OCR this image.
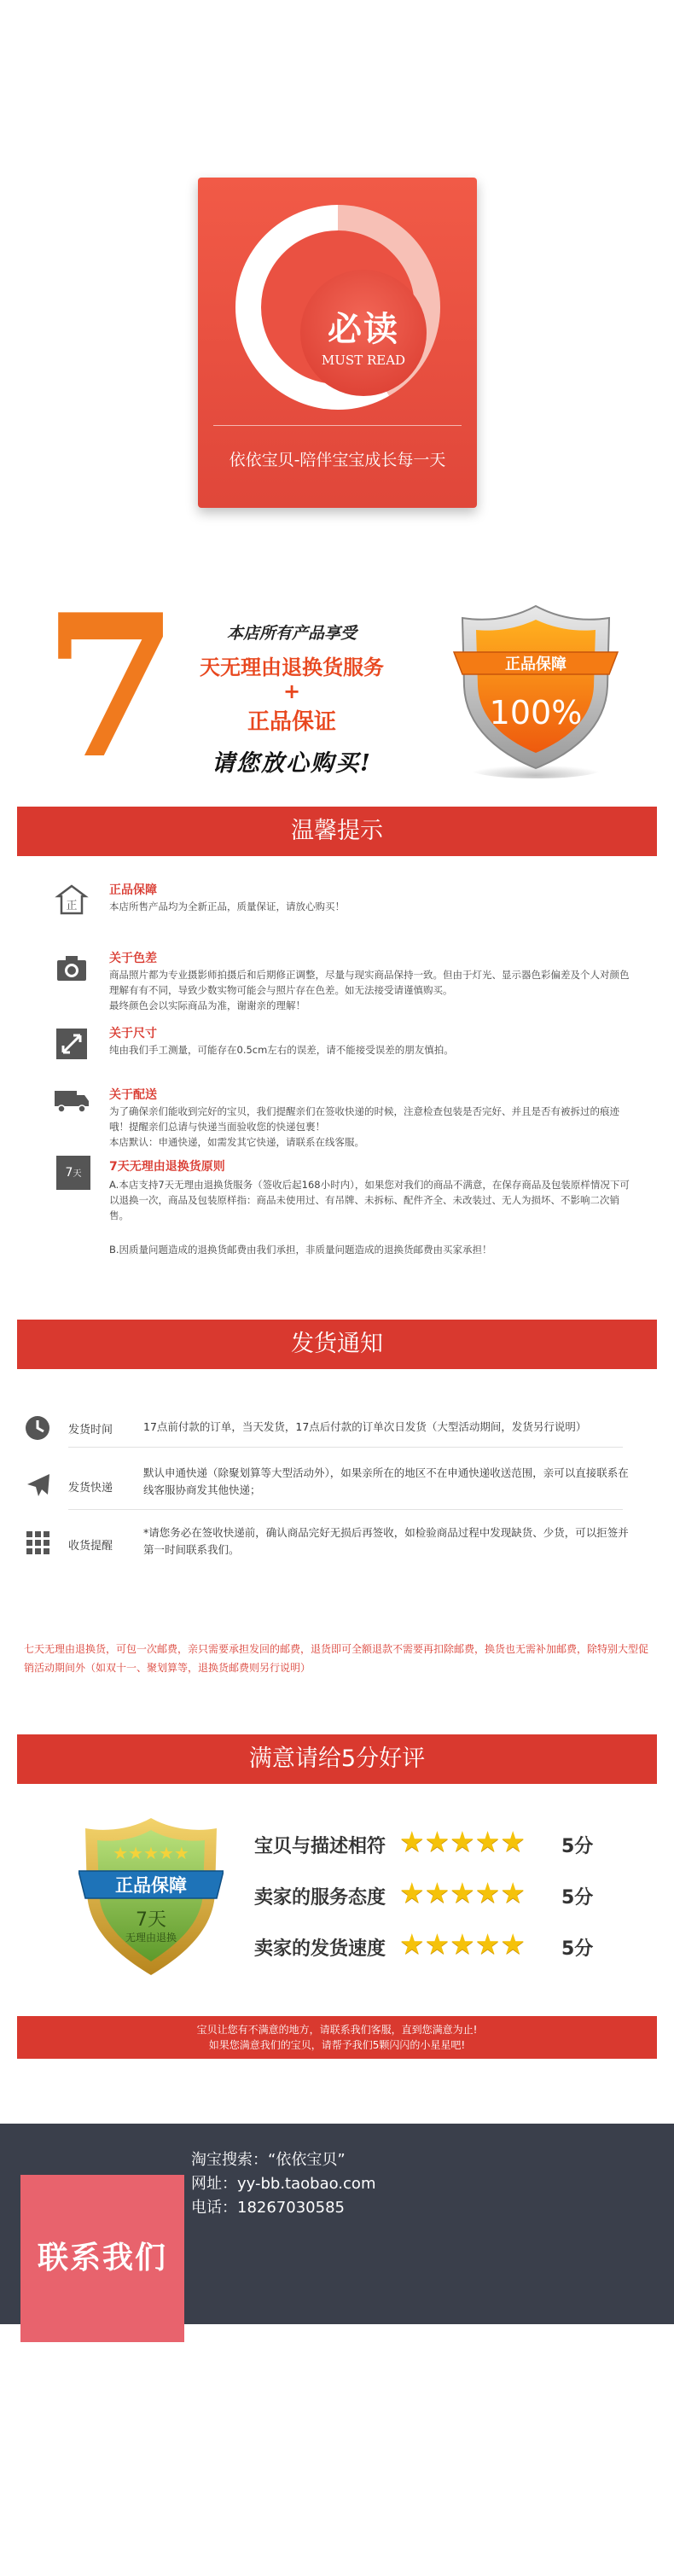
必读
MUST READ
依依宝贝-陪伴宝宝成长每一天
7	本店所有产品享受
天无理由退换货服务
+
正品保证
请您放心购买!
正品保障
100%
温馨提示
正
正品保障
本店所售产品均为全新正品，质量保证，请放心购买！
关于色差
商品照片都为专业摄影师拍摄后和后期修正调整，尽量与现实商品保持一致。但由于灯光、显示器色彩偏差及个人对颜色理解有有不同，导致少数实物可能会与照片存在色差。如无法接受请谨慎购买。
最终颜色会以实际商品为准，谢谢亲的理解！
关于尺寸
纯由我们手工测量，可能存在0.5cm左右的误差，请不能接受误差的朋友慎拍。
关于配送
为了确保亲们能收到完好的宝贝，我们提醒亲们在签收快递的时候，注意检查包装是否完好、并且是否有被拆过的痕迹哦！提醒亲们总请与快递当面验收您的快递包裹！
本店默认：申通快递，如需发其它快递，请联系在线客服。
7天
7天无理由退换货原则
A.本店支持7天无理由退换货服务（签收后起168小时内），如果您对我们的商品不满意，在保存商品及包装原样情况下可以退换一次，商品及包装原样指：商品未使用过、有吊牌、未拆标、配件齐全、未改装过、无人为损坏、不影响二次销售。
B.因质量问题造成的退换货邮费由我们承担，非质量问题造成的退换货邮费由买家承担！
发货通知
发货时间	17点前付款的订单，当天发货，17点后付款的订单次日发货（大型活动期间，发货另行说明）
发货快递
默认申通快递（除聚划算等大型活动外），如果亲所在的地区不在申通快递收送范围，亲可以直接联系在线客服协商发其他快递；
收货提醒
*请您务必在签收快递前，确认商品完好无损后再签收，如检验商品过程中发现缺货、少货，可以拒签并第一时间联系我们。
七天无理由退换货，可包一次邮费，亲只需要承担发回的邮费，退货即可全额退款不需要再扣除邮费，换货也无需补加邮费，除特别大型促销活动期间外（如双十一、聚划算等，退换货邮费则另行说明）
满意请给5分好评
正品保障
★★★★★
7天
无理由退换
宝贝与描述相符 ★★★★★ 5分
卖家的服务态度 ★★★★★ 5分
卖家的发货速度 ★★★★★ 5分
宝贝让您有不满意的地方，请联系我们客服，直到您满意为止!
如果您满意我们的宝贝，请帮予我们5颗闪闪的小星星吧!
联系我们
淘宝搜索：“依依宝贝”
网址：yy-bb.taobao.com
电话：18267030585
